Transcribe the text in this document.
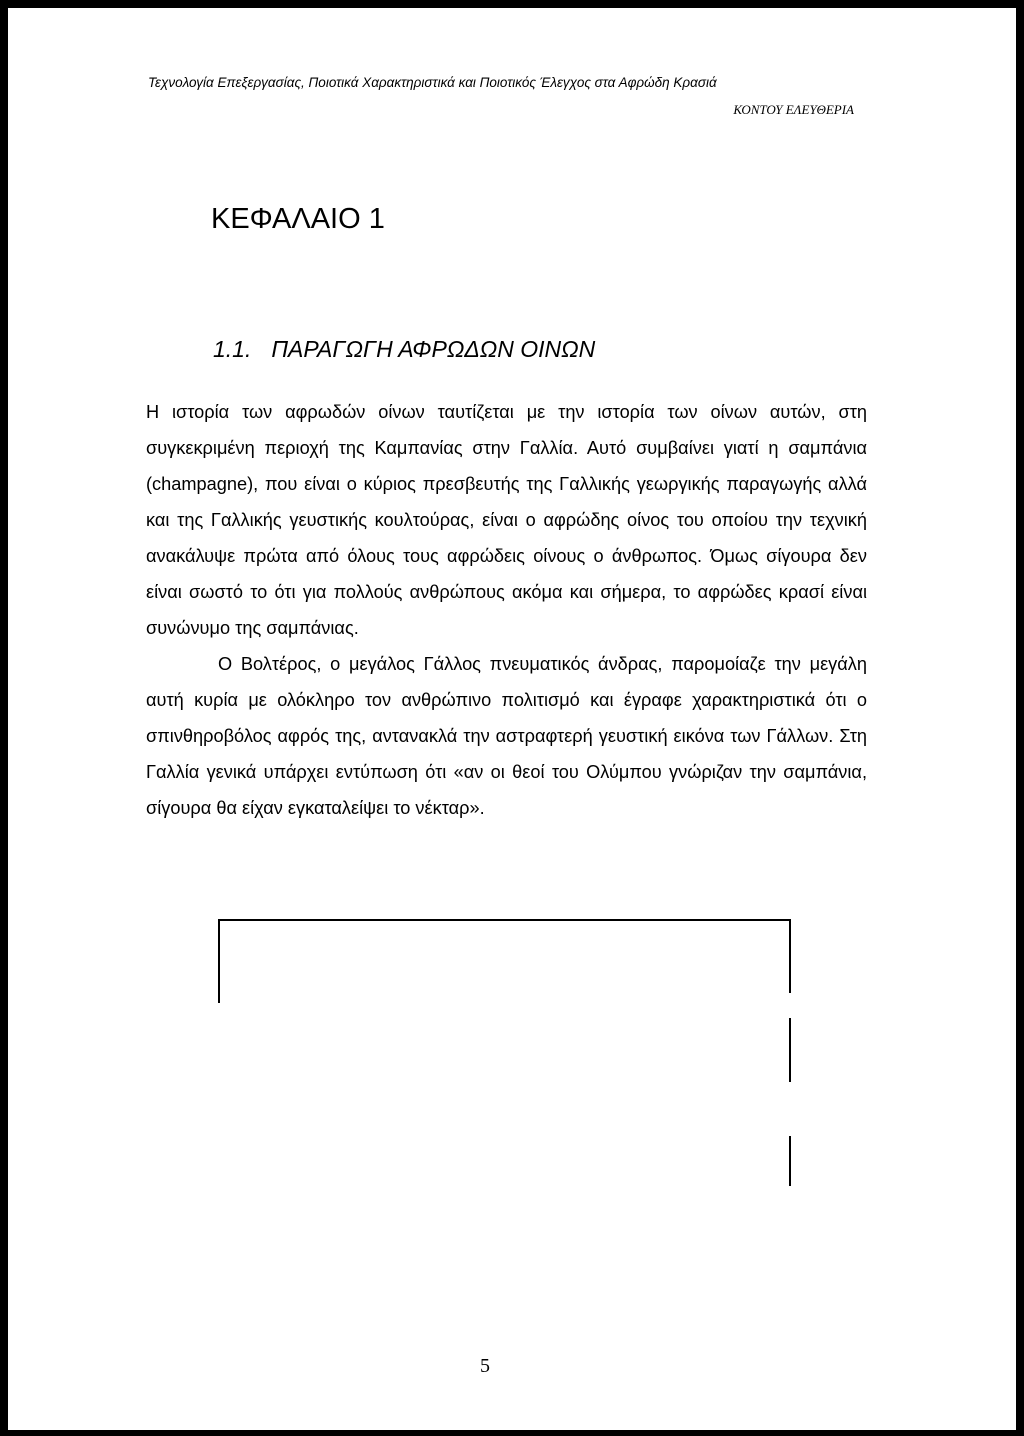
Τεχνολογία Επεξεργασίας, Ποιοτικά Χαρακτηριστικά και Ποιοτικός Έλεγχος στα Αφρώδη Κρασιά
ΚΟΝΤΟΥ ΕΛΕΥΘΕΡΙΑ
ΚΕΦΑΛΑΙΟ 1
1.1. ΠΑΡΑΓΩΓΗ ΑΦΡΩΔΩΝ ΟΙΝΩΝ

Η ιστορία των αφρωδών οίνων ταυτίζεται με την ιστορία των οίνων αυτών, στη συγκεκριμένη περιοχή της Καμπανίας στην Γαλλία. Αυτό συμβαίνει γιατί η σαμπάνια (champagne), που είναι ο κύριος πρεσβευτής της Γαλλικής γεωργικής παραγωγής αλλά και της Γαλλικής γευστικής κουλτούρας, είναι ο αφρώδης οίνος του οποίου την τεχνική ανακάλυψε πρώτα από όλους τους αφρώδεις οίνους ο άνθρωπος. Όμως σίγουρα δεν είναι σωστό το ότι για πολλούς ανθρώπους ακόμα και σήμερα, το αφρώδες κρασί είναι συνώνυμο της σαμπάνιας.

Ο Βολτέρος, ο μεγάλος Γάλλος πνευματικός άνδρας, παρομοίαζε την μεγάλη αυτή κυρία με ολόκληρο τον ανθρώπινο πολιτισμό και έγραφε χαρακτηριστικά ότι ο σπινθηροβόλος αφρός της, αντανακλά την αστραφτερή γευστική εικόνα των Γάλλων. Στη Γαλλία γενικά υπάρχει εντύπωση ότι «αν οι θεοί του Ολύμπου γνώριζαν την σαμπάνια, σίγουρα θα είχαν εγκαταλείψει το νέκταρ».

5
